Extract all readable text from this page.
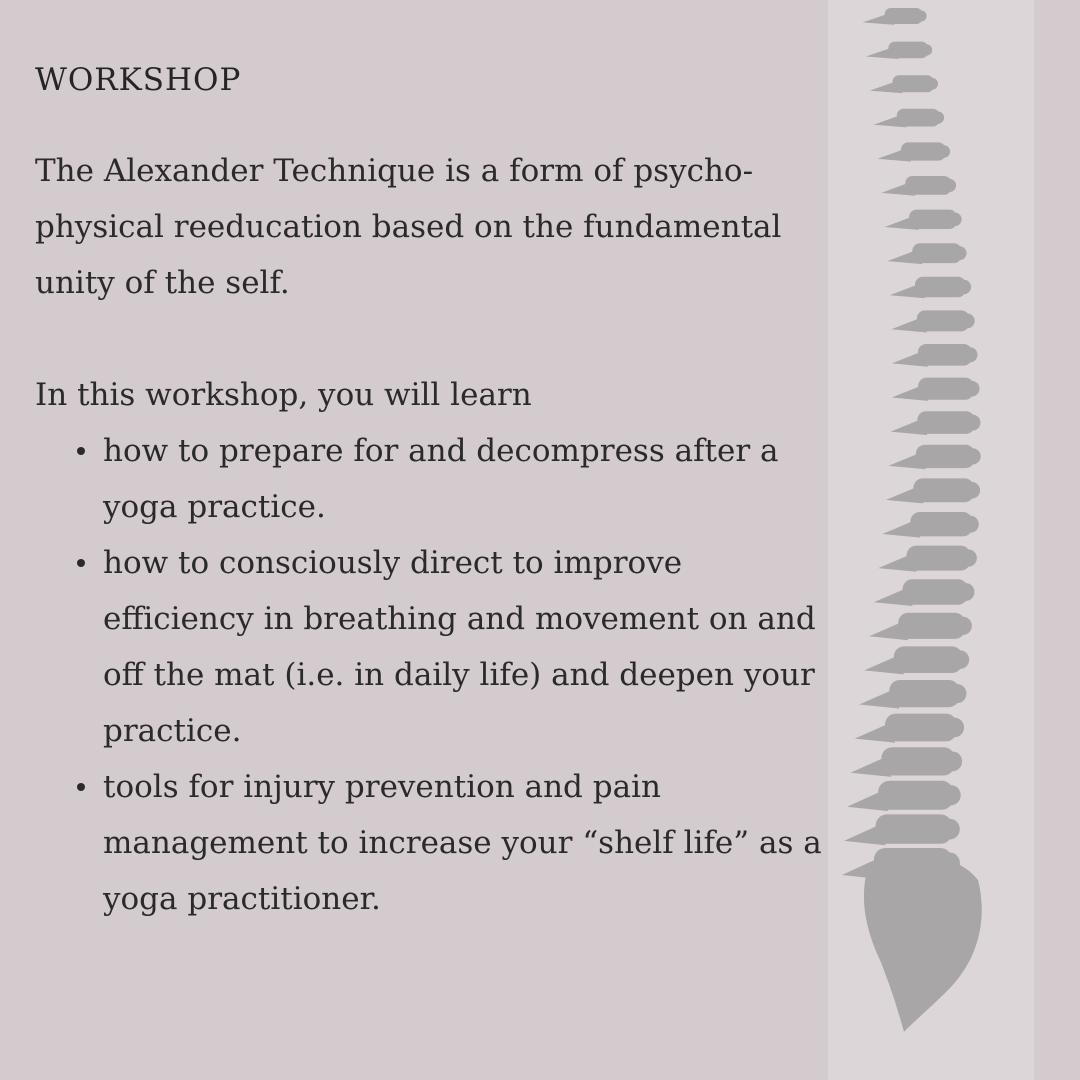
WORKSHOP

The Alexander Technique is a form of psycho-physical reeducation based on the fundamental unity of the self.

In this workshop, you will learn

how to prepare for and decompress after a yoga practice.
how to consciously direct to improve efficiency in breathing and movement on and off the mat (i.e. in daily life) and deepen your practice.
tools for injury prevention and pain management to increase your “shelf life” as a yoga practitioner.
